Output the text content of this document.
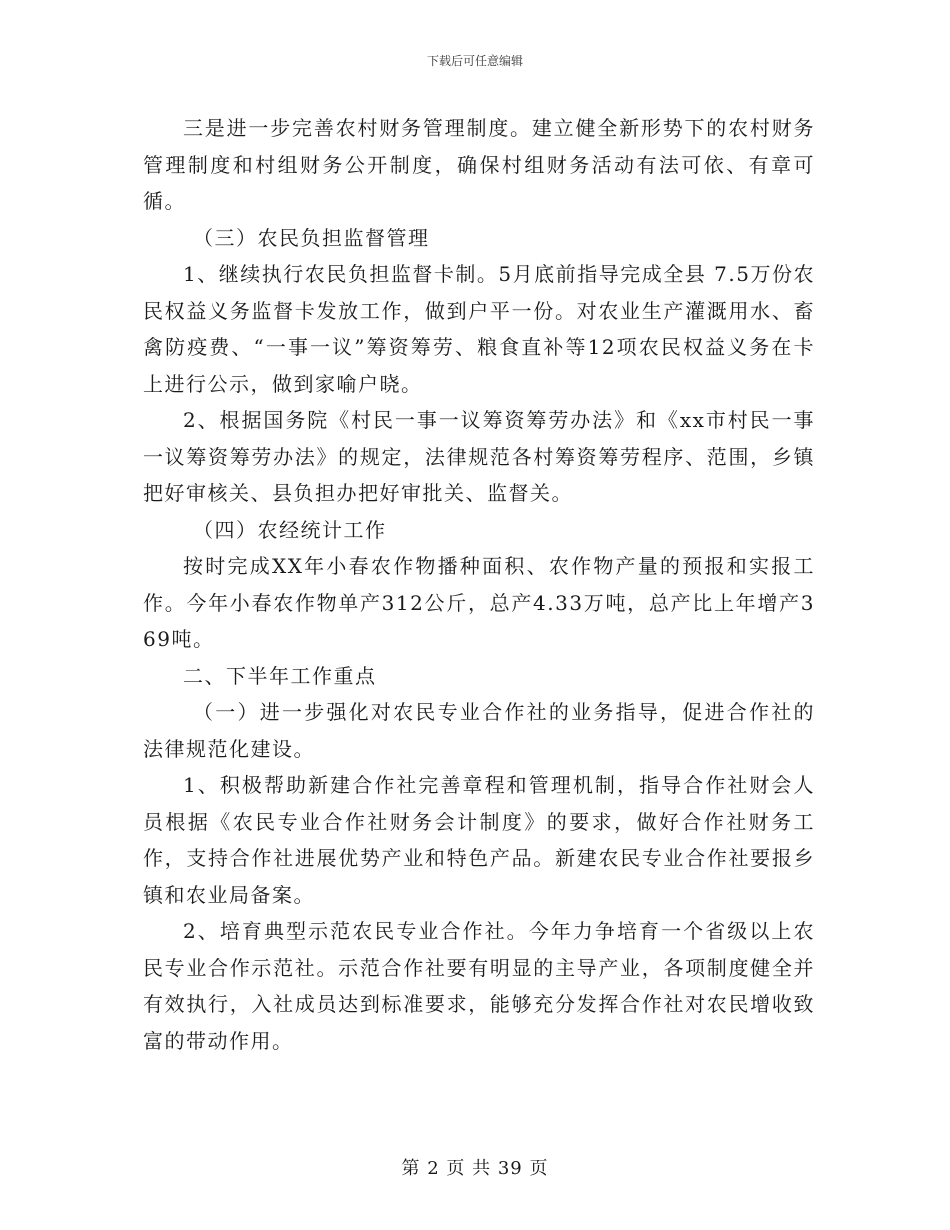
下载后可任意编辑

三是进一步完善农村财务管理制度。建立健全新形势下的农村财务管理制度和村组财务公开制度，确保村组财务活动有法可依、有章可循。

（三）农民负担监督管理

1、继续执行农民负担监督卡制。5月底前指导完成全县 7.5万份农民权益义务监督卡发放工作，做到户平一份。对农业生产灌溉用水、畜禽防疫费、“一事一议”筹资筹劳、粮食直补等12项农民权益义务在卡上进行公示，做到家喻户晓。

2、根据国务院《村民一事一议筹资筹劳办法》和《xx市村民一事一议筹资筹劳办法》的规定，法律规范各村筹资筹劳程序、范围，乡镇把好审核关、县负担办把好审批关、监督关。

（四）农经统计工作

按时完成XX年小春农作物播种面积、农作物产量的预报和实报工作。今年小春农作物单产312公斤，总产4.33万吨，总产比上年增产369吨。

二、下半年工作重点

（一）进一步强化对农民专业合作社的业务指导，促进合作社的法律规范化建设。

1、积极帮助新建合作社完善章程和管理机制，指导合作社财会人员根据《农民专业合作社财务会计制度》的要求，做好合作社财务工作，支持合作社进展优势产业和特色产品。新建农民专业合作社要报乡镇和农业局备案。

2、培育典型示范农民专业合作社。今年力争培育一个省级以上农民专业合作示范社。示范合作社要有明显的主导产业，各项制度健全并有效执行，入社成员达到标准要求，能够充分发挥合作社对农民增收致富的带动作用。

第 2 页 共 39 页
